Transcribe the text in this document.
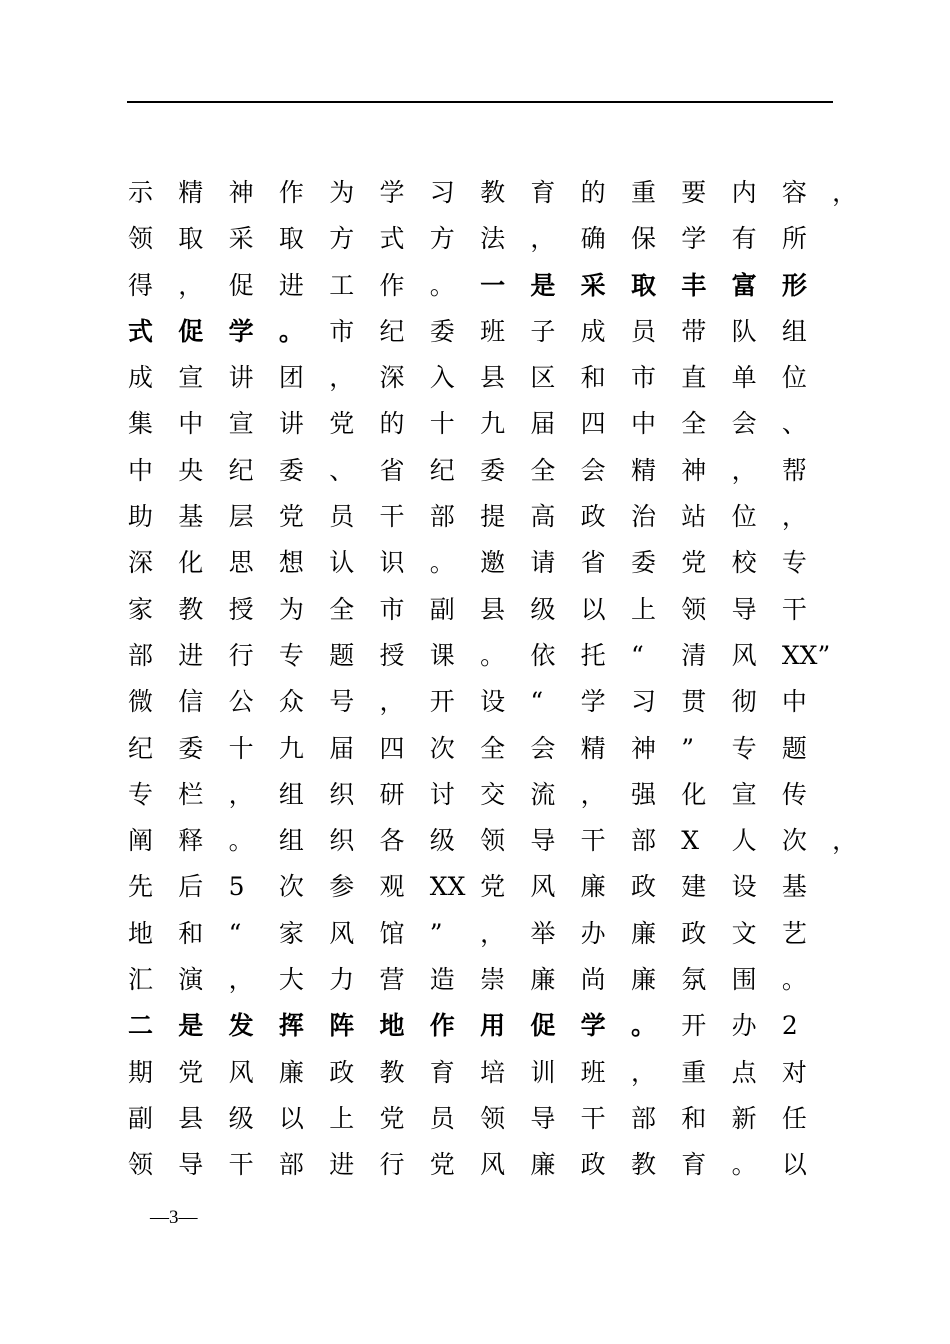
示	精	神	作	为	学	习	教	育	的	重	要	内	容	，
领	取	采	取	方	式	方	法	，	确	保	学	有	所
得	，	促	进	工	作	。	一	是	采	取	丰	富	形
式	促	学	。	市	纪	委	班	子	成	员	带	队	组
成	宣	讲	团	，	深	入	县	区	和	市	直	单	位
集	中	宣	讲	党	的	十	九	届	四	中	全	会	、
中	央	纪	委	、	省	纪	委	全	会	精	神	，	帮
助	基	层	党	员	干	部	提	高	政	治	站	位	，
深	化	思	想	认	识	。	邀	请	省	委	党	校	专
家	教	授	为	全	市	副	县	级	以	上	领	导	干
部	进	行	专	题	授	课	。	依	托	“	清	风	XX”
微	信	公	众	号	，	开	设	“	学	习	贯	彻	中
纪	委	十	九	届	四	次	全	会	精	神	”	专	题
专	栏	，	组	织	研	讨	交	流	，	强	化	宣	传
阐	释	。	组	织	各	级	领	导	干	部	X	人	次	，
先	后	5	次	参	观	XX 党	风	廉	政	建	设	基
地	和	“	家	风	馆	”	，	举	办	廉	政	文	艺
汇	演	，	大	力	营	造	崇	廉	尚	廉	氛	围	。
二	是	发	挥	阵	地	作	用	促	学	。	开	办	2
期	党	风	廉	政	教	育	培	训	班	，	重	点	对
副	县	级	以	上	党	员	领	导	干	部	和	新	任
领	导	干	部	进	行	党	风	廉	政	教	育	。	以
—3—
